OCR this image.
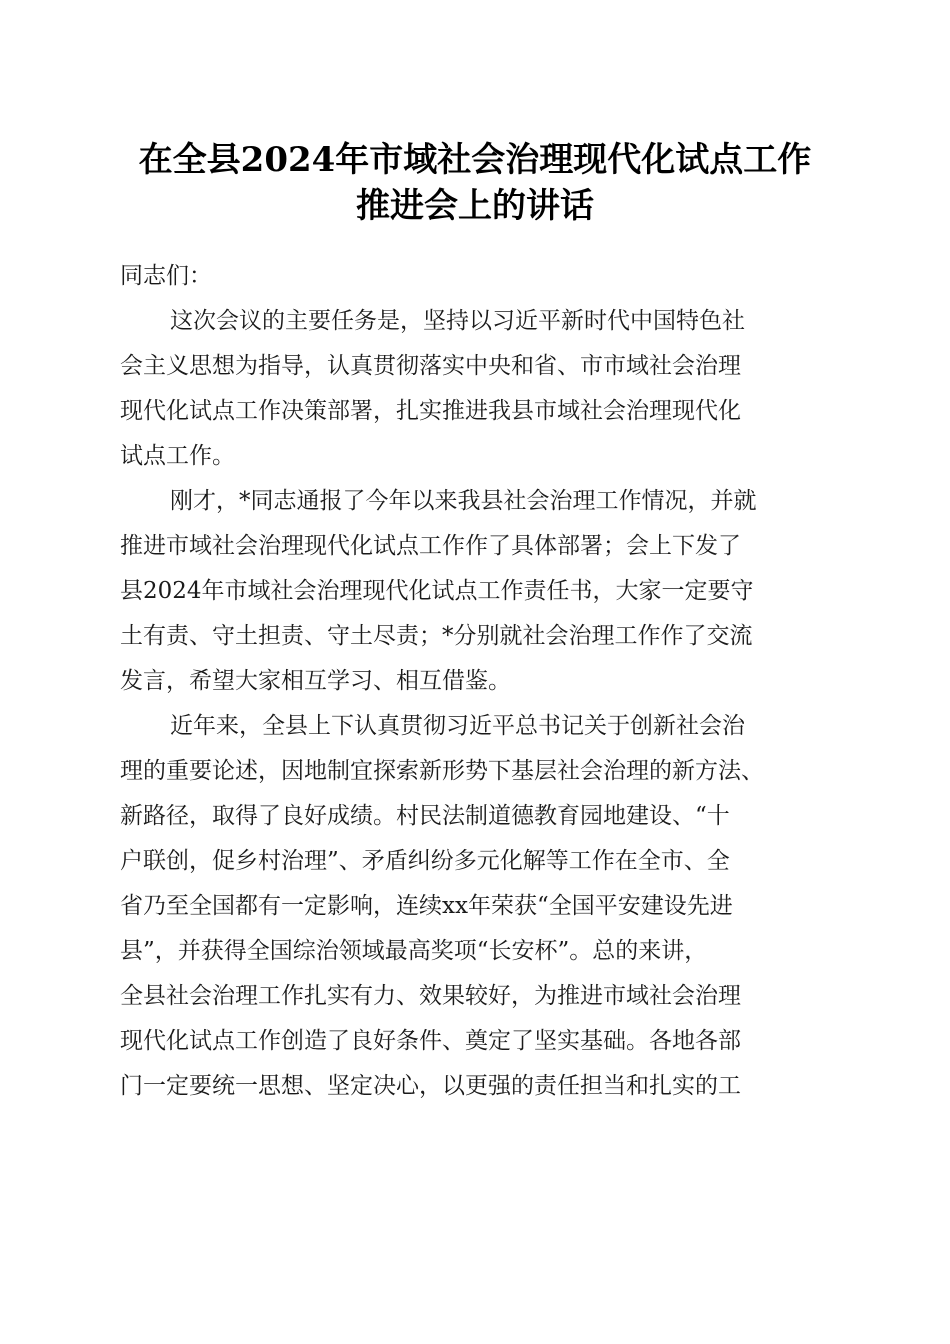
在全县2024年市域社会治理现代化试点工作
推进会上的讲话
同志们：
这次会议的主要任务是，坚持以习近平新时代中国特色社
会主义思想为指导，认真贯彻落实中央和省、市市域社会治理
现代化试点工作决策部署，扎实推进我县市域社会治理现代化
试点工作。
刚才，*同志通报了今年以来我县社会治理工作情况，并就
推进市域社会治理现代化试点工作作了具体部署；会上下发了
县2024年市域社会治理现代化试点工作责任书，大家一定要守
土有责、守土担责、守土尽责；*分别就社会治理工作作了交流
发言，希望大家相互学习、相互借鉴。
近年来，全县上下认真贯彻习近平总书记关于创新社会治
理的重要论述，因地制宜探索新形势下基层社会治理的新方法、
新路径，取得了良好成绩。村民法制道德教育园地建设、“十
户联创，促乡村治理”、矛盾纠纷多元化解等工作在全市、全
省乃至全国都有一定影响，连续xx年荣获“全国平安建设先进
县”，并获得全国综治领域最高奖项“长安杯”。总的来讲，
全县社会治理工作扎实有力、效果较好，为推进市域社会治理
现代化试点工作创造了良好条件、奠定了坚实基础。各地各部
门一定要统一思想、坚定决心，以更强的责任担当和扎实的工
